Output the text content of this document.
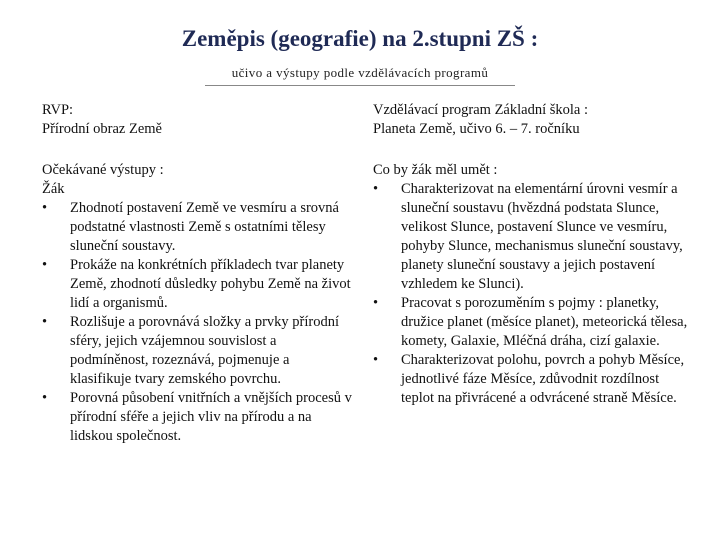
Zeměpis (geografie) na 2.stupni ZŠ :
učivo a výstupy podle vzdělávacích programů

RVP:

Přírodní obraz Země

Očekávané výstupy :

Žák

•	Zhodnotí postavení Země ve vesmíru a srovná podstatné vlastnosti Země s ostatními tělesy sluneční soustavy.
•	Prokáže na konkrétních příkladech tvar planety Země, zhodnotí důsledky pohybu Země na život lidí a organismů.
•	Rozlišuje a porovnává složky a prvky přírodní sféry, jejich vzájemnou souvislost a podmíněnost, rozeznává, pojmenuje a klasifikuje tvary zemského povrchu.
•	Porovná působení vnitřních a vnějších procesů v přírodní sféře a jejich vliv na přírodu a na lidskou společnost.

Vzdělávací program Základní škola :

Planeta Země, učivo 6. – 7. ročníku

Co by žák měl umět :

•	Charakterizovat na elementární úrovni vesmír a sluneční soustavu (hvězdná podstata Slunce, velikost Slunce, postavení Slunce ve vesmíru, pohyby Slunce, mechanismus sluneční soustavy, planety sluneční soustavy a jejich postavení vzhledem ke Slunci).
•	Pracovat s porozuměním s pojmy : planetky, družice planet (měsíce planet), meteorická tělesa, komety, Galaxie, Mléčná dráha, cizí galaxie.
•	Charakterizovat polohu, povrch a pohyb Měsíce, jednotlivé fáze Měsíce, zdůvodnit rozdílnost teplot na přivrácené a odvrácené straně Měsíce.
